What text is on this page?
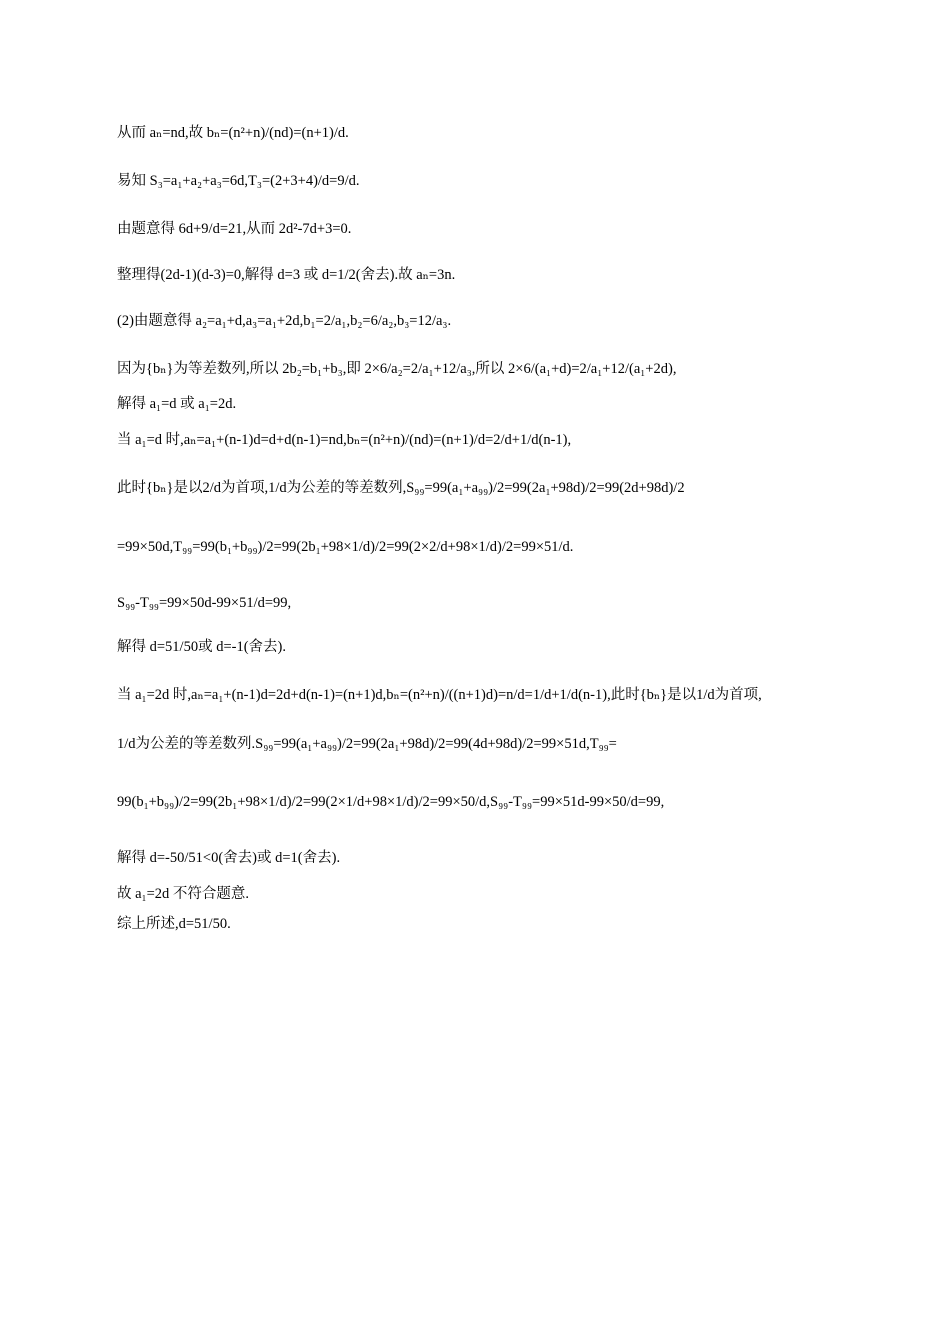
从而 aₙ=nd,故 bₙ=(n²+n)/(nd)=(n+1)/d.
易知 S₃=a₁+a₂+a₃=6d,T₃=(2+3+4)/d=9/d.
由题意得 6d+9/d=21,从而 2d²-7d+3=0.
整理得(2d-1)(d-3)=0,解得 d=3 或 d=1/2(舍去).故 aₙ=3n.
(2)由题意得 a₂=a₁+d,a₃=a₁+2d,b₁=2/a₁,b₂=6/a₂,b₃=12/a₃.
因为{bₙ}为等差数列,所以 2b₂=b₁+b₃,即 2×6/a₂=2/a₁+12/a₃,所以 2×6/(a₁+d)=2/a₁+12/(a₁+2d),
解得 a₁=d 或 a₁=2d.
当 a₁=d 时,aₙ=a₁+(n-1)d=d+d(n-1)=nd,bₙ=(n²+n)/(nd)=(n+1)/d=2/d+1/d(n-1),
此时{bₙ}是以2/d为首项,1/d为公差的等差数列,S₉₉=99(a₁+a₉₉)/2=99(2a₁+98d)/2=99(2d+98d)/2
=99×50d,T₉₉=99(b₁+b₉₉)/2=99(2b₁+98×1/d)/2=99(2×2/d+98×1/d)/2=99×51/d.
S₉₉-T₉₉=99×50d-99×51/d=99,
解得 d=51/50或 d=-1(舍去).
当 a₁=2d 时,aₙ=a₁+(n-1)d=2d+d(n-1)=(n+1)d,bₙ=(n²+n)/((n+1)d)=n/d=1/d+1/d(n-1),此时{bₙ}是以1/d为首项,
1/d为公差的等差数列.S₉₉=99(a₁+a₉₉)/2=99(2a₁+98d)/2=99(4d+98d)/2=99×51d,T₉₉=
99(b₁+b₉₉)/2=99(2b₁+98×1/d)/2=99(2×1/d+98×1/d)/2=99×50/d,S₉₉-T₉₉=99×51d-99×50/d=99,
解得 d=-50/51<0(舍去)或 d=1(舍去).
故 a₁=2d 不符合题意.
综上所述,d=51/50.
